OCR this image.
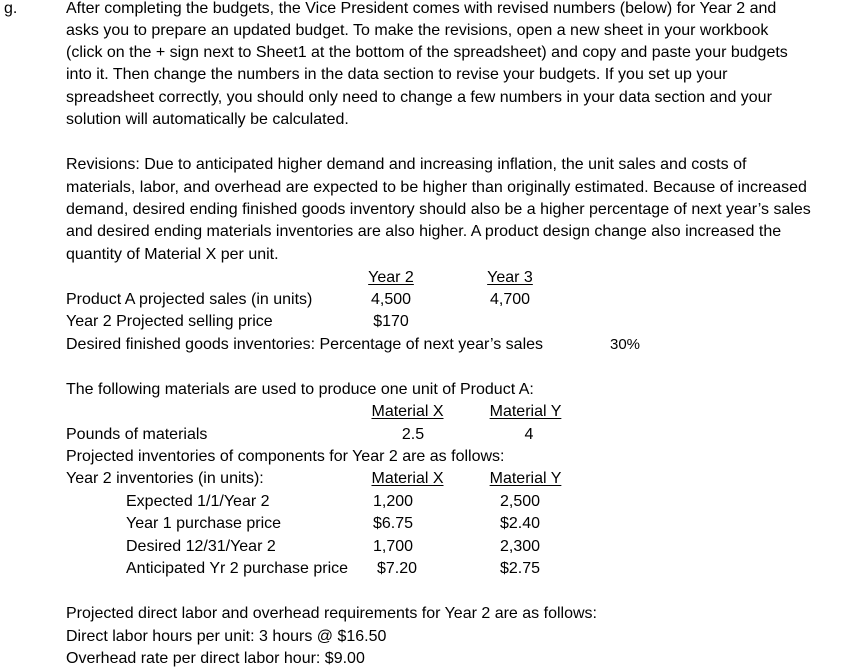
g.	After completing the budgets, the Vice President comes with revised numbers (below) for Year 2 and
asks you to prepare an updated budget. To make the revisions, open a new sheet in your workbook
(click on the + sign next to Sheet1 at the bottom of the spreadsheet) and copy and paste your budgets
into it. Then change the numbers in the data section to revise your budgets. If you set up your
spreadsheet correctly, you should only need to change a few numbers in your data section and your
solution will automatically be calculated.
Revisions: Due to anticipated higher demand and increasing inflation, the unit sales and costs of
materials, labor, and overhead are expected to be higher than originally estimated. Because of increased
demand, desired ending finished goods inventory should also be a higher percentage of next year’s sales
and desired ending materials inventories are also higher. A product design change also increased the
quantity of Material X per unit.
Year 2	Year 3
Product A projected sales (in units)	4,500	4,700
Year 2 Projected selling price	$170
Desired finished goods inventories: Percentage of next year’s sales	30%
The following materials are used to produce one unit of Product A:
Material X	Material Y
Pounds of materials	2.5	4
Projected inventories of components for Year 2 are as follows:
Year 2 inventories (in units):	Material X	Material Y
Expected 1/1/Year 2	1,200	2,500
Year 1 purchase price	$6.75	$2.40
Desired 12/31/Year 2	1,700	2,300
Anticipated Yr 2 purchase price	$7.20	$2.75
Projected direct labor and overhead requirements for Year 2 are as follows:
Direct labor hours per unit: 3 hours @ $16.50
Overhead rate per direct labor hour: $9.00
